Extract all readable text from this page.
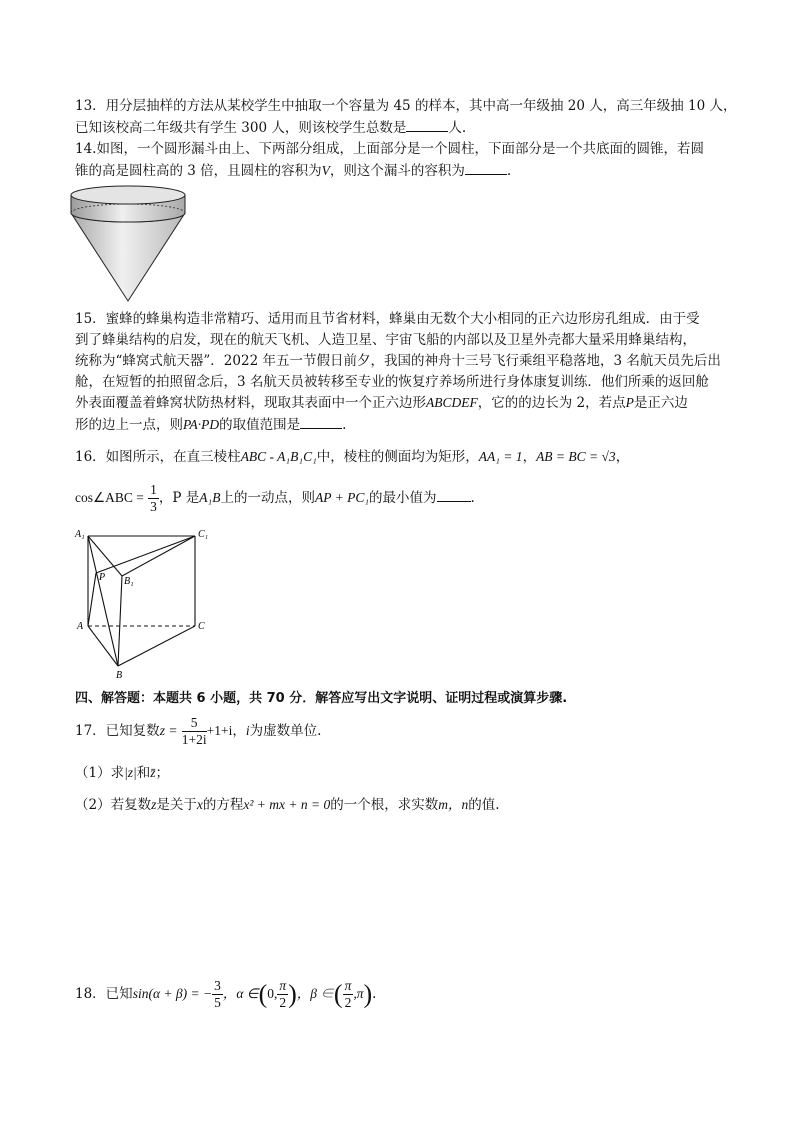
13．用分层抽样的方法从某校学生中抽取一个容量为 45 的样本，其中高一年级抽 20 人，高三年级抽 10 人，
已知该校高二年级共有学生 300 人，则该校学生总数是	人.
14.如图，一个圆形漏斗由上、下两部分组成，上面部分是一个圆柱，下面部分是一个共底面的圆锥，若圆
锥的高是圆柱高的 3 倍，且圆柱的容积为V，则这个漏斗的容积为	.
15．蜜蜂的蜂巢构造非常精巧、适用而且节省材料，蜂巢由无数个大小相同的正六边形房孔组成．由于受
到了蜂巢结构的启发，现在的航天飞机、人造卫星、宇宙飞船的内部以及卫星外壳都大量采用蜂巢结构，
统称为“蜂窝式航天器”．2022 年五一节假日前夕，我国的神舟十三号飞行乘组平稳落地，3 名航天员先后出
舱，在短暂的拍照留念后，3 名航天员被转移至专业的恢复疗养场所进行身体康复训练．他们所乘的返回舱
外表面覆盖着蜂窝状防热材料，现取其表面中一个正六边形ABCDEF，它的的边长为 2，若点P是正六边
形的边上一点，则PA·PD的取值范围是	.
16．如图所示，在直三棱柱ABC - A₁B₁C₁中，棱柱的侧面均为矩形，AA₁ = 1，AB = BC = √3，
cos∠ABC = $\frac{1}{3}$ ，P 是A₁B上的一动点，则AP + PC₁的最小值为	.
A₁	C₁
P B₁
A	C
B
四、解答题：本题共 6 小题，共 70 分．解答应写出文字说明、证明过程或演算步骤.
17．已知复数$z = \frac{5}{1+2i} +1+i$，i为虚数单位.
（1）求|z|和z̄；
（2）若复数z是关于x的方程x² + mx + n = 0的一个根，求实数m，n的值.
18．已知sin(α + β) = − $\frac{3}{5}$ ，α ∈(0, $\frac{\pi}{2}$ )，β ∈( $\frac{\pi}{2} ,\pi$).
